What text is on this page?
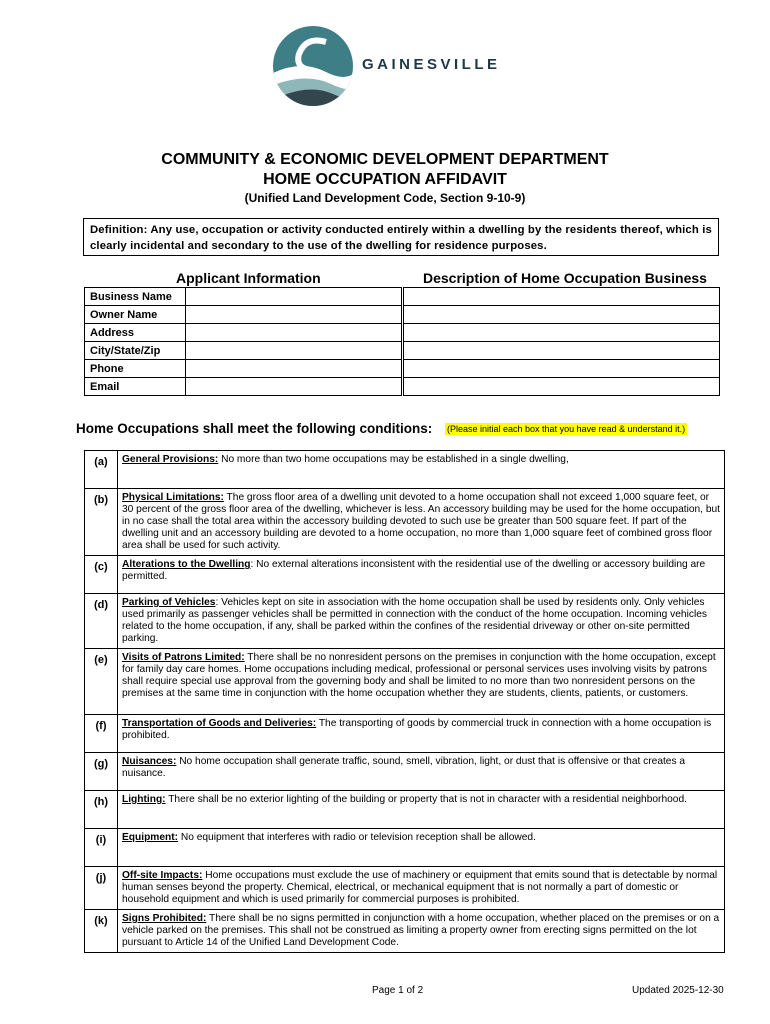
GAINESVILLE
COMMUNITY & ECONOMIC DEVELOPMENT DEPARTMENT
HOME OCCUPATION AFFIDAVIT
(Unified Land Development Code, Section 9-10-9)
Definition: Any use, occupation or activity conducted entirely within a dwelling by the residents thereof, which is clearly incidental and secondary to the use of the dwelling for residence purposes.
Applicant Information	Description of Home Occupation Business
Business Name			
Owner Name			
Address			
City/State/Zip			
Phone			
Email			
Home Occupations shall meet the following conditions: (Please initial each box that you have read & understand it.)
(a)	General Provisions: No more than two home occupations may be established in a single dwelling,
(b)	Physical Limitations: The gross floor area of a dwelling unit devoted to a home occupation shall not exceed 1,000 square feet, or 30 percent of the gross floor area of the dwelling, whichever is less. An accessory building may be used for the home occupation, but in no case shall the total area within the accessory building devoted to such use be greater than 500 square feet. If part of the dwelling unit and an accessory building are devoted to a home occupation, no more than 1,000 square feet of combined gross floor area shall be used for such activity.
(c)	Alterations to the Dwelling: No external alterations inconsistent with the residential use of the dwelling or accessory building are permitted.
(d)	Parking of Vehicles: Vehicles kept on site in association with the home occupation shall be used by residents only. Only vehicles used primarily as passenger vehicles shall be permitted in connection with the conduct of the home occupation. Incoming vehicles related to the home occupation, if any, shall be parked within the confines of the residential driveway or other on-site permitted parking.
(e)	Visits of Patrons Limited: There shall be no nonresident persons on the premises in conjunction with the home occupation, except for family day care homes. Home occupations including medical, professional or personal services uses involving visits by patrons shall require special use approval from the governing body and shall be limited to no more than two nonresident persons on the premises at the same time in conjunction with the home occupation whether they are students, clients, patients, or customers.
(f)	Transportation of Goods and Deliveries: The transporting of goods by commercial truck in connection with a home occupation is prohibited.
(g)	Nuisances: No home occupation shall generate traffic, sound, smell, vibration, light, or dust that is offensive or that creates a nuisance.
(h)	Lighting: There shall be no exterior lighting of the building or property that is not in character with a residential neighborhood.
(i)	Equipment: No equipment that interferes with radio or television reception shall be allowed.
(j)	Off-site Impacts: Home occupations must exclude the use of machinery or equipment that emits sound that is detectable by normal human senses beyond the property. Chemical, electrical, or mechanical equipment that is not normally a part of domestic or household equipment and which is used primarily for commercial purposes is prohibited.
(k)	Signs Prohibited: There shall be no signs permitted in conjunction with a home occupation, whether placed on the premises or on a vehicle parked on the premises. This shall not be construed as limiting a property owner from erecting signs permitted on the lot pursuant to Article 14 of the Unified Land Development Code.
Page 1 of 2	Updated 2025-12-30
